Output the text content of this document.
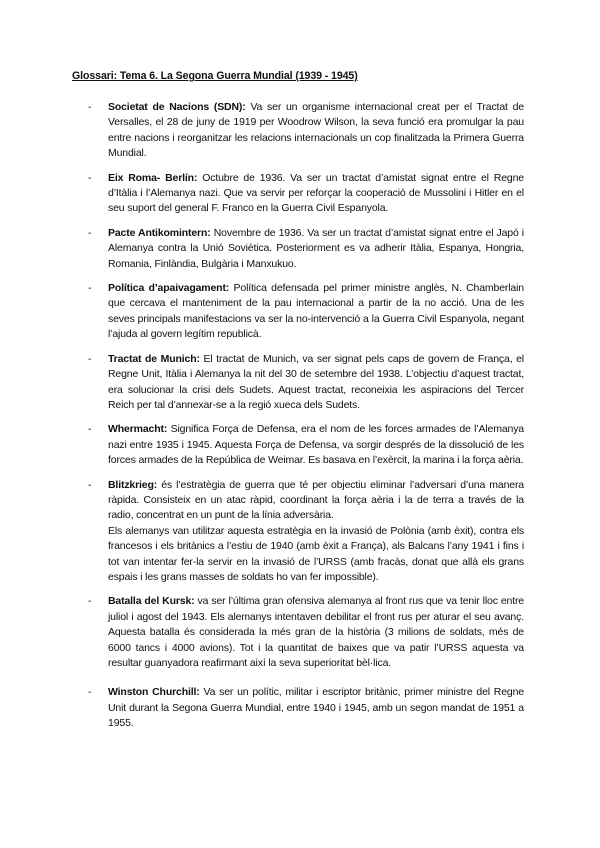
Glossari: Tema 6. La Segona Guerra Mundial (1939 - 1945)
- Societat de Nacions (SDN): Va ser un organisme internacional creat per el Tractat de Versalles, el 28 de juny de 1919 per Woodrow Wilson, la seva funció era promulgar la pau entre nacions i reorganitzar les relacions internacionals un cop finalitzada la Primera Guerra Mundial.

- Eix Roma- Berlín: Octubre de 1936. Va ser un tractat d’amistat signat entre el Regne d’Itàlia i l’Alemanya nazi. Que va servir per reforçar la cooperació de Mussolini i Hitler en el seu suport del general F. Franco en la Guerra Civil Espanyola.

- Pacte Antikomintern: Novembre de 1936. Va ser un tractat d’amistat signat entre el Japó i Alemanya contra la Unió Soviètica. Posteriorment es va adherir Itàlia, Espanya, Hongria, Romania, Finlàndia, Bulgària i Manxukuo.

- Política d’apaivagament: Política defensada pel primer ministre anglès, N. Chamberlain que cercava el manteniment de la pau internacional a partir de la no acció. Una de les seves principals manifestacions va ser la no-intervenció a la Guerra Civil Espanyola, negant l’ajuda al govern legítim republicà.

- Tractat de Munich: El tractat de Munich, va ser signat pels caps de govern de França, el Regne Unit, Itàlia i Alemanya la nit del 30 de setembre del 1938. L’objectiu d’aquest tractat, era solucionar la crisi dels Sudets. Aquest tractat, reconeixia les aspiracions del Tercer Reich per tal d’annexar-se a la regió xueca dels Sudets.

- Whermacht: Significa Força de Defensa, era el nom de les forces armades de l’Alemanya nazi entre 1935 i 1945. Aquesta Força de Defensa, va sorgir després de la dissolució de les forces armades de la República de Weimar. Es basava en l’exèrcit, la marina i la força aèria.

- Blitzkrieg: és l’estratègia de guerra que té per objectiu eliminar l’adversari d’una manera ràpida. Consisteix en un atac ràpid, coordinant la força aèria i la de terra a través de la radio, concentrat en un punt de la línia adversària.

Els alemanys van utilitzar aquesta estratègia en la invasió de Polònia (amb èxit), contra els francesos i els britànics a l’estiu de 1940 (amb èxit a França), als Balcans l’any 1941 i fins i tot van intentar fer-la servir en la invasió de l’URSS (amb fracàs, donat que allà els grans espais i les grans masses de soldats ho van fer impossible).

- Batalla del Kursk: va ser l’última gran ofensiva alemanya al front rus que va tenir lloc entre juliol i agost del 1943. Els alemanys intentaven debilitar el front rus per aturar el seu avanç. Aquesta batalla és considerada la més gran de la història (3 milions de soldats, més de 6000 tancs i 4000 avions). Tot i la quantitat de baixes que va patir l’URSS aquesta va resultar guanyadora reafirmant així la seva superioritat bèl·lica.

- Winston Churchill: Va ser un polític, militar i escriptor britànic, primer ministre del Regne Unit durant la Segona Guerra Mundial, entre 1940 i 1945, amb un segon mandat de 1951 a 1955.
